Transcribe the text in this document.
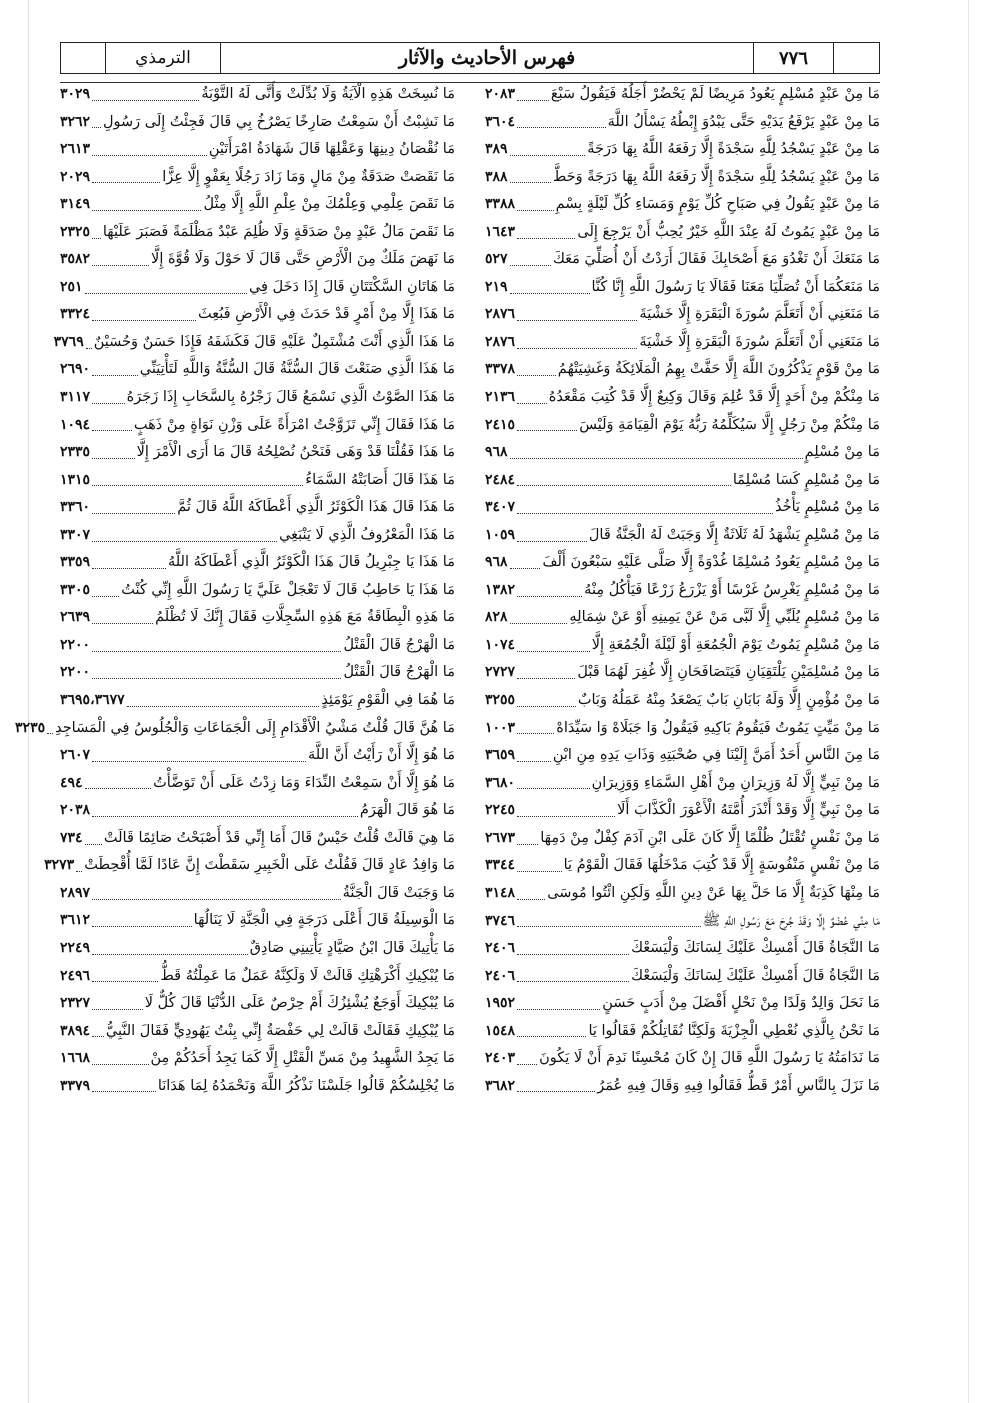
الترمذي	فهرس الأحاديث والآثار	٧٧٦
مَا مِنْ عَبْدٍ مُسْلِمٍ يَعُودُ مَرِيضًا لَمْ يَحْضُرْ أَجَلُهُ فَيَقُولُ سَبْعَ
٢٠٨٣
مَا مِنْ عَبْدٍ يَرْفَعُ يَدَيْهِ حَتَّى يَبْدُوَ إِبْطُهُ يَسْأَلُ اللَّهَ
٣٦٠٤
مَا مِنْ عَبْدٍ يَسْجُدُ لِلَّهِ سَجْدَةً إِلَّا رَفَعَهُ اللَّهُ بِهَا دَرَجَةً
٣٨٩
مَا مِنْ عَبْدٍ يَسْجُدُ لِلَّهِ سَجْدَةً إِلَّا رَفَعَهُ اللَّهُ بِهَا دَرَجَةً وَحَطَّ
٣٨٨
مَا مِنْ عَبْدٍ يَقُولُ فِي صَبَاحِ كُلِّ يَوْمٍ وَمَسَاءِ كُلِّ لَيْلَةٍ بِسْمِ
٣٣٨٨
مَا مِنْ عَبْدٍ يَمُوتُ لَهُ عِنْدَ اللَّهِ خَيْرٌ يُحِبُّ أَنْ يَرْجِعَ إِلَى
١٦٤٣
مَا مَنَعَكَ أَنْ تَغْدُوَ مَعَ أَصْحَابِكَ فَقَالَ أَرَدْتُ أَنْ أُصَلِّيَ مَعَكَ
٥٢٧
مَا مَنَعَكُمَا أَنْ تُصَلِّيَا مَعَنَا فَقَالَا يَا رَسُولَ اللَّهِ إِنَّا كُنَّا
٢١٩
مَا مَنَعَنِي أَنْ أَتَعَلَّمَ سُورَةَ الْبَقَرَةِ إِلَّا خَشْيَةَ
٢٨٧٦
مَا مَنَعَنِي أَنْ أَتَعَلَّمَ سُورَةَ الْبَقَرَةِ إِلَّا خَشْيَةَ
٢٨٧٦
مَا مِنْ قَوْمٍ يَذْكُرُونَ اللَّهَ إِلَّا حَفَّتْ بِهِمُ الْمَلَائِكَةُ وَغَشِيَتْهُمُ
٣٣٧٨
مَا مِنْكُمْ مِنْ أَحَدٍ إِلَّا قَدْ عُلِمَ وَقَالَ وَكِيعٌ إِلَّا قَدْ كُتِبَ مَقْعَدُهُ
٢١٣٦
مَا مِنْكُمْ مِنْ رَجُلٍ إِلَّا سَيُكَلِّمُهُ رَبُّهُ يَوْمَ الْقِيَامَةِ وَلَيْسَ
٢٤١٥
مَا مِنْ مُسْلِمٍ
٩٦٨
مَا مِنْ مُسْلِمٍ كَسَا مُسْلِمًا
٢٤٨٤
مَا مِنْ مُسْلِمٍ يَأْخُذُ
٣٤٠٧
مَا مِنْ مُسْلِمٍ يَشْهَدُ لَهُ ثَلَاثَةٌ إِلَّا وَجَبَتْ لَهُ الْجَنَّةُ قَالَ
١٠٥٩
مَا مِنْ مُسْلِمٍ يَعُودُ مُسْلِمًا غُدْوَةً إِلَّا صَلَّى عَلَيْهِ سَبْعُونَ أَلْفَ
٩٦٨
مَا مِنْ مُسْلِمٍ يَغْرِسُ غَرْسًا أَوْ يَزْرَعُ زَرْعًا فَيَأْكُلُ مِنْهُ
١٣٨٢
مَا مِنْ مُسْلِمٍ يُلَبِّي إِلَّا لَبَّى مَنْ عَنْ يَمِينِهِ أَوْ عَنْ شِمَالِهِ
٨٢٨
مَا مِنْ مُسْلِمٍ يَمُوتُ يَوْمَ الْجُمُعَةِ أَوْ لَيْلَةَ الْجُمُعَةِ إِلَّا
١٠٧٤
مَا مِنْ مُسْلِمَيْنِ يَلْتَقِيَانِ فَيَتَصَافَحَانِ إِلَّا غُفِرَ لَهُمَا قَبْلَ
٢٧٢٧
مَا مِنْ مُؤْمِنٍ إِلَّا وَلَهُ بَابَانِ بَابٌ يَصْعَدُ مِنْهُ عَمَلُهُ وَبَابٌ
٣٢٥٥
مَا مِنْ مَيِّتٍ يَمُوتُ فَيَقُومُ بَاكِيهِ فَيَقُولُ وَا جَبَلَاهْ وَا سَيِّدَاهْ
١٠٠٣
مَا مِنَ النَّاسِ أَحَدٌ أَمَنَّ إِلَيْنَا فِي صُحْبَتِهِ وَذَاتِ يَدِهِ مِنِ ابْنِ
٣٦٥٩
مَا مِنْ نَبِيٍّ إِلَّا لَهُ وَزِيرَانِ مِنْ أَهْلِ السَّمَاءِ وَوَزِيرَانِ
٣٦٨٠
مَا مِنْ نَبِيٍّ إِلَّا وَقَدْ أَنْذَرَ أُمَّتَهُ الْأَعْوَرَ الْكَذَّابَ أَلَا
٢٢٤٥
مَا مِنْ نَفْسٍ تُقْتَلُ ظُلْمًا إِلَّا كَانَ عَلَى ابْنِ آدَمَ كِفْلٌ مِنْ دَمِهَا
٢٦٧٣
مَا مِنْ نَفْسٍ مَنْفُوسَةٍ إِلَّا قَدْ كُتِبَ مَدْخَلُهَا فَقَالَ الْقَوْمُ يَا
٣٣٤٤
مَا مِنْهَا كَذِبَةٌ إِلَّا مَا حَلَّ بِهَا عَنْ دِينِ اللَّهِ وَلَكِنِ ائْتُوا مُوسَى
٣١٤٨
مَا مِنِّي عُضْوٌ إِلَّا وَقَدْ جُرِحَ مَعَ رَسُولِ اللَّهِ ﷺ
٣٧٤٦
مَا النَّجَاةُ قَالَ أَمْسِكْ عَلَيْكَ لِسَانَكَ وَلْيَسَعْكَ
٢٤٠٦
مَا النَّجَاةُ قَالَ أَمْسِكْ عَلَيْكَ لِسَانَكَ وَلْيَسَعْكَ
٢٤٠٦
مَا نَحَلَ وَالِدٌ وَلَدًا مِنْ نَحْلٍ أَفْضَلَ مِنْ أَدَبٍ حَسَنٍ
١٩٥٢
مَا نَحْنُ بِالَّذِي نُعْطِي الْجِزْيَةَ وَلَكِنَّا نُقَاتِلُكُمْ فَقَالُوا يَا
١٥٤٨
مَا نَدَامَتُهُ يَا رَسُولَ اللَّهِ قَالَ إِنْ كَانَ مُحْسِنًا نَدِمَ أَنْ لَا يَكُونَ
٢٤٠٣
مَا نَزَلَ بِالنَّاسِ أَمْرٌ قَطُّ فَقَالُوا فِيهِ وَقَالَ فِيهِ عُمَرُ
٣٦٨٢
مَا نُسِخَتْ هَذِهِ الْآيَةُ وَلَا بُدِّلَتْ وَأَنَّى لَهُ التَّوْبَةُ
٣٠٢٩
مَا نَشِبْتُ أَنْ سَمِعْتُ صَارِخًا يَصْرُخُ بِي قَالَ فَجِئْتُ إِلَى رَسُولِ
٣٢٦٢
مَا نُقْصَانُ دِينِهَا وَعَقْلِهَا قَالَ شَهَادَةُ امْرَأَتَيْنِ
٢٦١٣
مَا نَقَصَتْ صَدَقَةٌ مِنْ مَالٍ وَمَا زَادَ رَجُلًا بِعَفْوٍ إِلَّا عِزًّا
٢٠٢٩
مَا نَقَصَ عِلْمِي وَعِلْمُكَ مِنْ عِلْمِ اللَّهِ إِلَّا مِثْلُ
٣١٤٩
مَا نَقَصَ مَالُ عَبْدٍ مِنْ صَدَقَةٍ وَلَا ظُلِمَ عَبْدٌ مَظْلَمَةً فَصَبَرَ عَلَيْهَا
٢٣٢٥
مَا نَهَضَ مَلَكٌ مِنَ الْأَرْضِ حَتَّى قَالَ لَا حَوْلَ وَلَا قُوَّةَ إِلَّا
٣٥٨٢
مَا هَاتَانِ السَّكْتَتَانِ قَالَ إِذَا دَخَلَ فِي
٢٥١
مَا هَذَا إِلَّا مِنْ أَمْرٍ قَدْ حَدَثَ فِي الْأَرْضِ فَبُعِثَ
٣٣٢٤
مَا هَذَا الَّذِي أَنْتَ مُشْتَمِلٌ عَلَيْهِ قَالَ فَكَشَفَهُ فَإِذَا حَسَنٌ وَحُسَيْنٌ
٣٧٦٩
مَا هَذَا الَّذِي صَنَعْتَ قَالَ السُّنَّةُ قَالَ السُّنَّةُ وَاللَّهِ لَتَأْتِيَنِّي
٢٦٩٠
مَا هَذَا الصَّوْتُ الَّذِي نَسْمَعُ قَالَ زَجْرُهُ بِالسَّحَابِ إِذَا زَجَرَهُ
٣١١٧
مَا هَذَا فَقَالَ إِنِّي تَزَوَّجْتُ امْرَأَةً عَلَى وَزْنِ نَوَاةٍ مِنْ ذَهَبٍ
١٠٩٤
مَا هَذَا فَقُلْنَا قَدْ وَهَى فَنَحْنُ نُصْلِحُهُ قَالَ مَا أَرَى الْأَمْرَ إِلَّا
٢٣٣٥
مَا هَذَا قَالَ أَصَابَتْهُ السَّمَاءُ
١٣١٥
مَا هَذَا قَالَ هَذَا الْكَوْثَرُ الَّذِي أَعْطَاكَهُ اللَّهُ قَالَ ثُمَّ
٣٣٦٠
مَا هَذَا الْمَعْرُوفُ الَّذِي لَا يَنْبَغِي
٣٣٠٧
مَا هَذَا يَا جِبْرِيلُ قَالَ هَذَا الْكَوْثَرُ الَّذِي أَعْطَاكَهُ اللَّهُ
٣٣٥٩
مَا هَذَا يَا حَاطِبُ قَالَ لَا تَعْجَلْ عَلَيَّ يَا رَسُولَ اللَّهِ إِنِّي كُنْتُ
٣٣٠٥
مَا هَذِهِ الْبِطَاقَةُ مَعَ هَذِهِ السِّجِلَّاتِ فَقَالَ إِنَّكَ لَا تُظْلَمُ
٢٦٣٩
مَا الْهَرْجُ قَالَ الْقَتْلُ
٢٢٠٠
مَا الْهَرْجُ قَالَ الْقَتْلُ
٢٢٠٠
مَا هُمَا فِي الْقَوْمِ يَوْمَئِذٍ
٣٦٩٥،٣٦٧٧
مَا هُنَّ قَالَ قُلْتُ مَشْيُ الْأَقْدَامِ إِلَى الْجَمَاعَاتِ وَالْجُلُوسُ فِي الْمَسَاجِدِ
٣٢٣٥
مَا هُوَ إِلَّا أَنْ رَأَيْتُ أَنَّ اللَّهَ
٢٦٠٧
مَا هُوَ إِلَّا أَنْ سَمِعْتُ النِّدَاءَ وَمَا زِدْتُ عَلَى أَنْ تَوَضَّأْتُ
٤٩٤
مَا هُوَ قَالَ الْهَرَمُ
٢٠٣٨
مَا هِيَ قَالَتْ قُلْتُ حَيْسٌ قَالَ أَمَا إِنِّي قَدْ أَصْبَحْتُ صَائِمًا قَالَتْ
٧٣٤
مَا وَافِدُ عَادٍ قَالَ فَقُلْتُ عَلَى الْخَبِيرِ سَقَطْتَ إِنَّ عَادًا لَمَّا أُقْحِطَتْ
٣٢٧٣
مَا وَجَبَتْ قَالَ الْجَنَّةُ
٢٨٩٧
مَا الْوَسِيلَةُ قَالَ أَعْلَى دَرَجَةٍ فِي الْجَنَّةِ لَا يَنَالُهَا
٣٦١٢
مَا يَأْتِيكَ قَالَ ابْنُ صَيَّادٍ يَأْتِينِي صَادِقٌ
٢٢٤٩
مَا يُبْكِيكِ أَكْرَهْتِكِ قَالَتْ لَا وَلَكِنَّهُ عَمَلٌ مَا عَمِلْتُهُ قَطُّ
٢٤٩٦
مَا يُبْكِيكَ أَوَجَعٌ يُشْئِزُكَ أَمْ حِرْصٌ عَلَى الدُّنْيَا قَالَ كُلٌّ لَا
٢٣٢٧
مَا يُبْكِيكِ فَقَالَتْ قَالَتْ لِي حَفْصَةُ إِنِّي بِنْتُ يَهُودِيٍّ فَقَالَ النَّبِيُّ
٣٨٩٤
مَا يَجِدُ الشَّهِيدُ مِنْ مَسِّ الْقَتْلِ إِلَّا كَمَا يَجِدُ أَحَدُكُمْ مِنْ
١٦٦٨
مَا يُجْلِسُكُمْ قَالُوا جَلَسْنَا نَذْكُرُ اللَّهَ وَنَحْمَدُهُ لِمَا هَدَانَا
٣٣٧٩
